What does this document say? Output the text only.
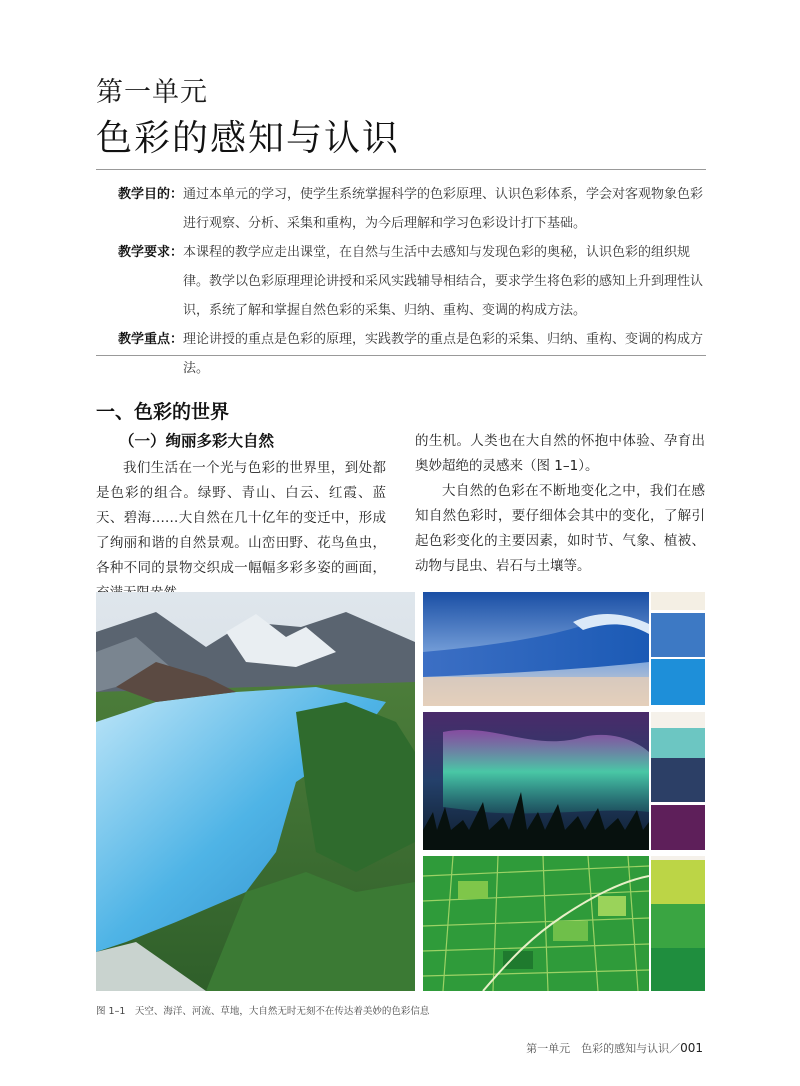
第一单元
色彩的感知与认识
教学目的： 通过本单元的学习，使学生系统掌握科学的色彩原理、认识色彩体系，学会对客观物象色彩进行观察、分析、采集和重构，为今后理解和学习色彩设计打下基础。
教学要求： 本课程的教学应走出课堂，在自然与生活中去感知与发现色彩的奥秘，认识色彩的组织规律。教学以色彩原理理论讲授和采风实践辅导相结合，要求学生将色彩的感知上升到理性认识，系统了解和掌握自然色彩的采集、归纳、重构、变调的构成方法。
教学重点： 理论讲授的重点是色彩的原理，实践教学的重点是色彩的采集、归纳、重构、变调的构成方法。
一、色彩的世界
（一）绚丽多彩大自然

我们生活在一个光与色彩的世界里，到处都是色彩的组合。绿野、青山、白云、红霞、蓝天、碧海……大自然在几十亿年的变迁中，形成了绚丽和谐的自然景观。山峦田野、花鸟鱼虫，各种不同的景物交织成一幅幅多彩多姿的画面，

的生机。人类也在大自然的怀抱中体验、孕育出奥妙超绝的灵感来（图 1–1）。

大自然的色彩在不断地变化之中，我们在感知自然色彩时，要仔细体会其中的变化，了解引起色彩变化的主要因素，如时节、气象、植被、动物与昆虫、岩石与土壤等。

图 1–1　天空、海洋、河流、草地，大自然无时无刻不在传达着美妙的色彩信息
第一单元　色彩的感知与认识／001
